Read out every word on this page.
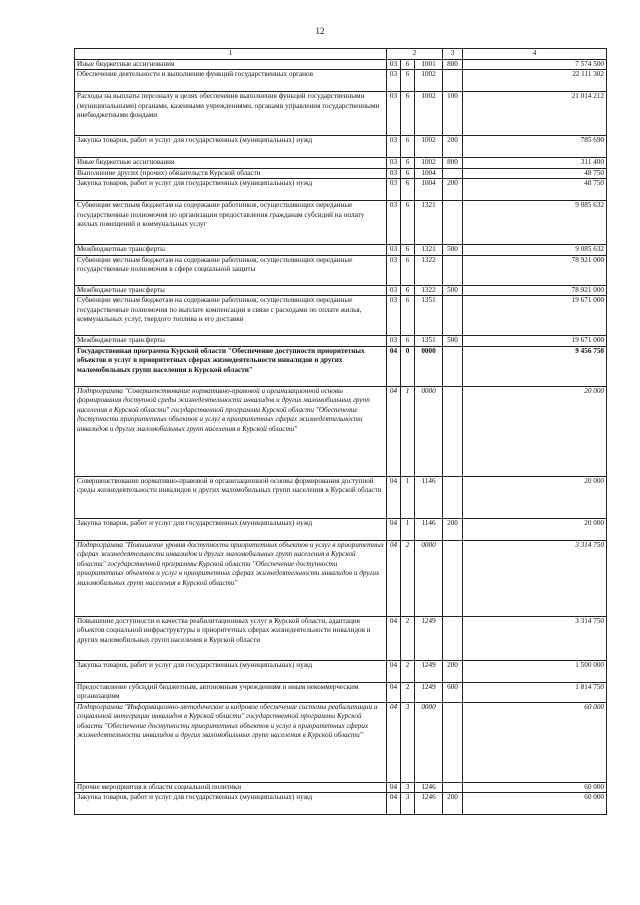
12
1	2			3	4
Иные бюджетные ассигнования	03	6	1001	800	7 574 500
Обеспечение деятельности и выполнение функций государственных органов	03	6	1002		22 111 302
Расходы на выплаты персоналу в целях обеспечения выполнения функций государственными (муниципальными) органами, казенными учреждениями, органами управления государственными внебюджетными фондами	03	6	1002	100	21 014 212
Закупка товаров, работ и услуг для государственных (муниципальных) нужд	03	6	1002	200	785 690
Иные бюджетные ассигнования	03	6	1002	800	311 400
Выполнение других (прочих) обязательств Курской области	03	6	1004		48 750
Закупка товаров, работ и услуг для государственных (муниципальных) нужд	03	6	1004	200	48 750
Субвенции местным бюджетам на содержание работников, осуществляющих переданные государственные полномочия по организации предоставления гражданам субсидий на оплату жилых помещений и коммунальных услуг	03	6	1321		9 085 632
Межбюджетные трансферты	03	6	1321	500	9 085 632
Субвенции местным бюджетам на содержание работников, осуществляющих переданные государственные полномочия в сфере социальной защиты	03	6	1322		78 921 000
Межбюджетные трансферты	03	6	1322	500	78 921 000
Субвенции местным бюджетам на содержание работников, осуществляющих переданные государственные полномочия по выплате компенсации в связи с расходами по оплате жилья, коммунальных услуг, твердого топлива и его доставки	03	6	1351		19 671 000
Межбюджетные трансферты	03	6	1351	500	19 671 000
Государственная программа Курской области "Обеспечение доступности приоритетных объектов и услуг в приоритетных сферах жизнедеятельности инвалидов и других маломобильных групп населения в Курской области"	04	0	0000		9 456 750
Подпрограмма "Совершенствование нормативно-правовой и организационной основы формирования доступной среды жизнедеятельности инвалидов и других маломобильных групп населения в Курской области" государственной программы Курской области "Обеспечение доступности приоритетных объектов и услуг в приоритетных сферах жизнедеятельности инвалидов и других маломобильных групп населения в Курской области"	04	1	0000		20 000
Совершенствование нормативно-правовой и организационной основы формирования доступной среды жизнедеятельности инвалидов и других маломобильных групп населения в Курской области	04	1	1146		20 000
Закупка товаров, работ и услуг для государственных (муниципальных) нужд	04	1	1146	200	20 000
Подпрограмма "Повышение уровня доступности приоритетных объектов и услуг в приоритетных сферах жизнедеятельности инвалидов и других маломобильных групп населения в Курской области" государственной программы Курской области "Обеспечение доступности приоритетных объектов и услуг в приоритетных сферах жизнедеятельности инвалидов и других маломобильных групп населения в Курской области"	04	2	0000		3 314 750
Повышение доступности и качества реабилитационных услуг в Курской области, адаптация объектов социальной инфраструктуры в приоритетных сферах жизнедеятельности инвалидов и других маломобильных групп населения в Курской области	04	2	1249		3 314 750
Закупка товаров, работ и услуг для государственных (муниципальных) нужд	04	2	1249	200	1 500 000
Предоставление субсидий бюджетным, автономным учреждениям и иным некоммерческим организациям	04	2	1249	600	1 814 750
Подпрограмма "Информационно-методическое и кадровое обеспечение системы реабилитации и социальной интеграции инвалидов в Курской области" государственной программы Курской области "Обеспечение доступности приоритетных объектов и услуг в приоритетных сферах жизнедеятельности инвалидов и других маломобильных групп населения в Курской области"	04	3	0000		60 000
Прочие мероприятия в области социальной политики	04	3	1246		60 000
Закупка товаров, работ и услуг для государственных (муниципальных) нужд	04	3	1246	200	60 000
